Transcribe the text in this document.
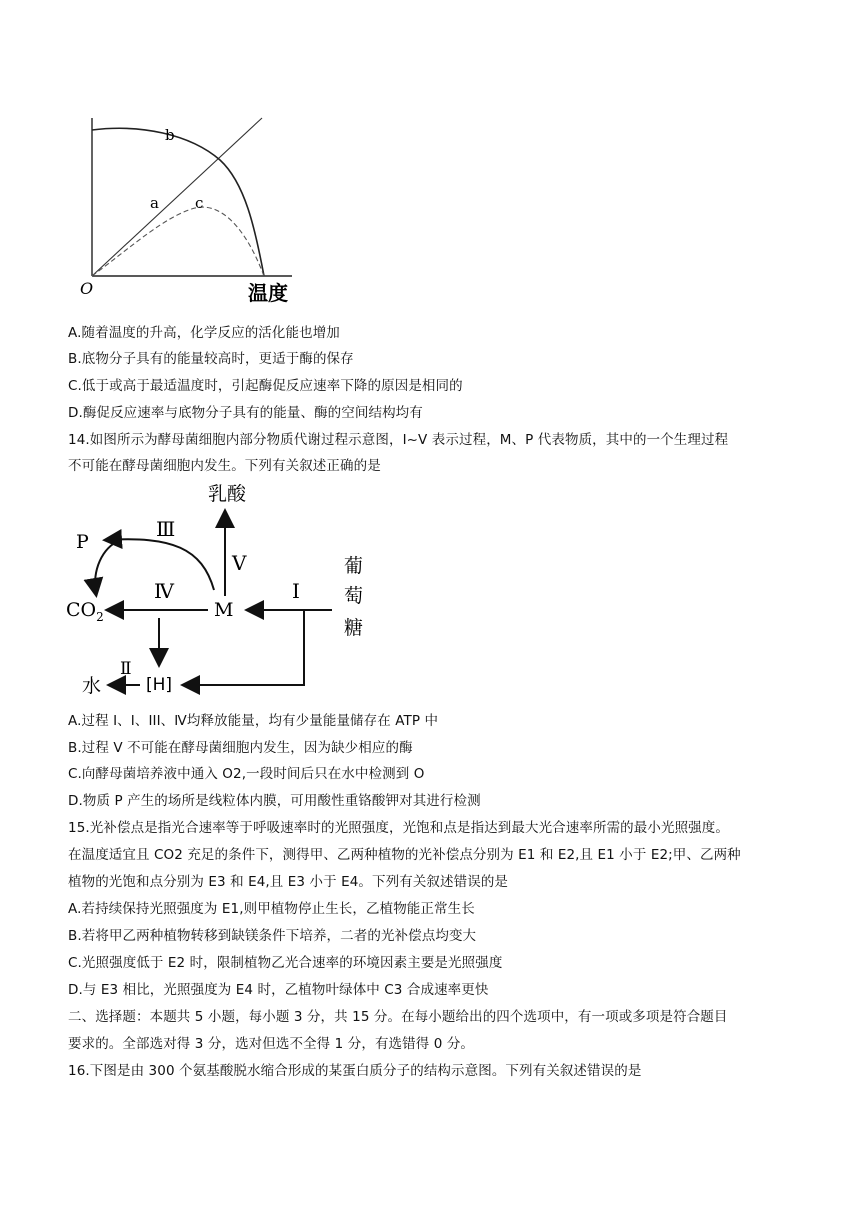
b
a c
O	温度
A.随着温度的升高，化学反应的活化能也增加
B.底物分子具有的能量较高时，更适于酶的保存
C.低于或高于最适温度时，引起酶促反应速率下降的原因是相同的
D.酶促反应速率与底物分子具有的能量、酶的空间结构均有
14.如图所示为酵母菌细胞内部分物质代谢过程示意图，I~V 表示过程，M、P 代表物质，其中的一个生理过程
不可能在酵母菌细胞内发生。下列有关叙述正确的是
乳酸
V
P
Ⅲ
$CO_2$
Ⅳ
M
I
葡
萄
糖
[H]
Ⅱ
水
A.过程 I、I、III、Ⅳ均释放能量，均有少量能量储存在 ATP 中
B.过程 V 不可能在酵母菌细胞内发生，因为缺少相应的酶
C.向酵母菌培养液中通入 O2,一段时间后只在水中检测到 O
D.物质 P 产生的场所是线粒体内膜，可用酸性重铬酸钾对其进行检测
15.光补偿点是指光合速率等于呼吸速率时的光照强度，光饱和点是指达到最大光合速率所需的最小光照强度。
在温度适宜且 CO2 充足的条件下，测得甲、乙两种植物的光补偿点分别为 E1 和 E2,且 E1 小于 E2;甲、乙两种
植物的光饱和点分别为 E3 和 E4,且 E3 小于 E4。下列有关叙述错误的是
A.若持续保持光照强度为 E1,则甲植物停止生长，乙植物能正常生长
B.若将甲乙两种植物转移到缺镁条件下培养，二者的光补偿点均变大
C.光照强度低于 E2 时，限制植物乙光合速率的环境因素主要是光照强度
D.与 E3 相比，光照强度为 E4 时，乙植物叶绿体中 C3 合成速率更快
二、选择题：本题共 5 小题，每小题 3 分，共 15 分。在每小题给出的四个选项中，有一项或多项是符合题目
要求的。全部选对得 3 分，选对但选不全得 1 分，有选错得 0 分。
16.下图是由 300 个氨基酸脱水缩合形成的某蛋白质分子的结构示意图。下列有关叙述错误的是
